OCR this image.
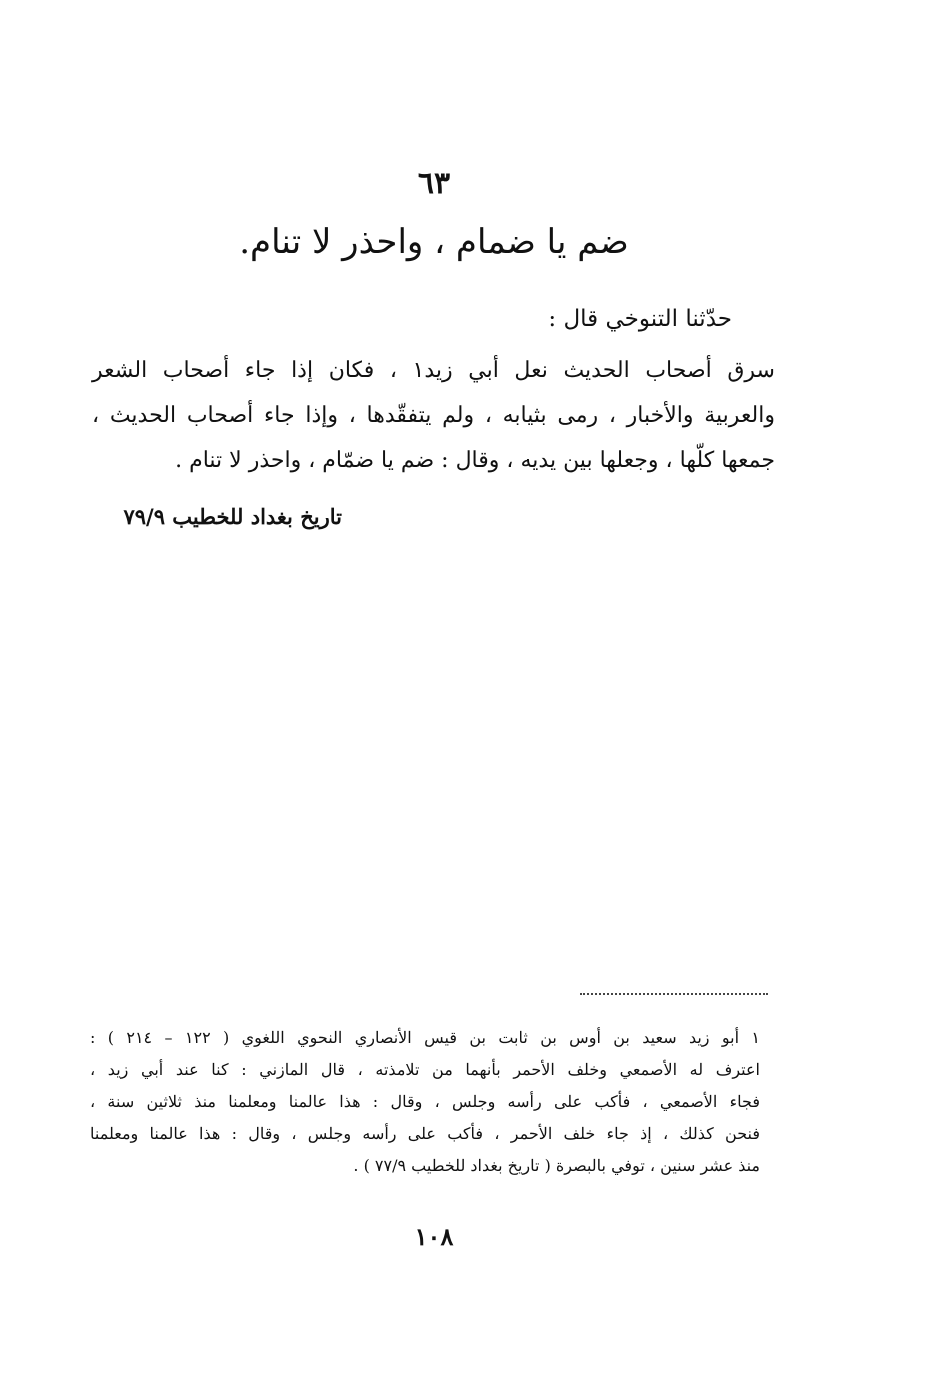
٦٣
ضم يا ضمام ، واحذر لا تنام.
حدّثنا التنوخي قال :
سرق أصحاب الحديث نعل أبي زيد١ ، فكان إذا جاء أصحاب الشعر
والعربية والأخبار ، رمى بثيابه ، ولم يتفقّدها ، وإذا جاء أصحاب الحديث ،
جمعها كلّها ، وجعلها بين يديه ، وقال : ضم يا ضمّام ، واحذر لا تنام .
تاريخ بغداد للخطيب ٧٩/٩
١ أبو زيد سعيد بن أوس بن ثابت بن قيس الأنصاري النحوي اللغوي ( ١٢٢ – ٢١٤ ) :
اعترف له الأصمعي وخلف الأحمر بأنهما من تلامذته ، قال المازني : كنا عند أبي زيد ،
فجاء الأصمعي ، فأكب على رأسه وجلس ، وقال : هذا عالمنا ومعلمنا منذ ثلاثين سنة ،
فنحن كذلك ، إذ جاء خلف الأحمر ، فأكب على رأسه وجلس ، وقال : هذا عالمنا ومعلمنا
منذ عشر سنين ، توفي بالبصرة ( تاريخ بغداد للخطيب ٧٧/٩ ) .
١٠٨
